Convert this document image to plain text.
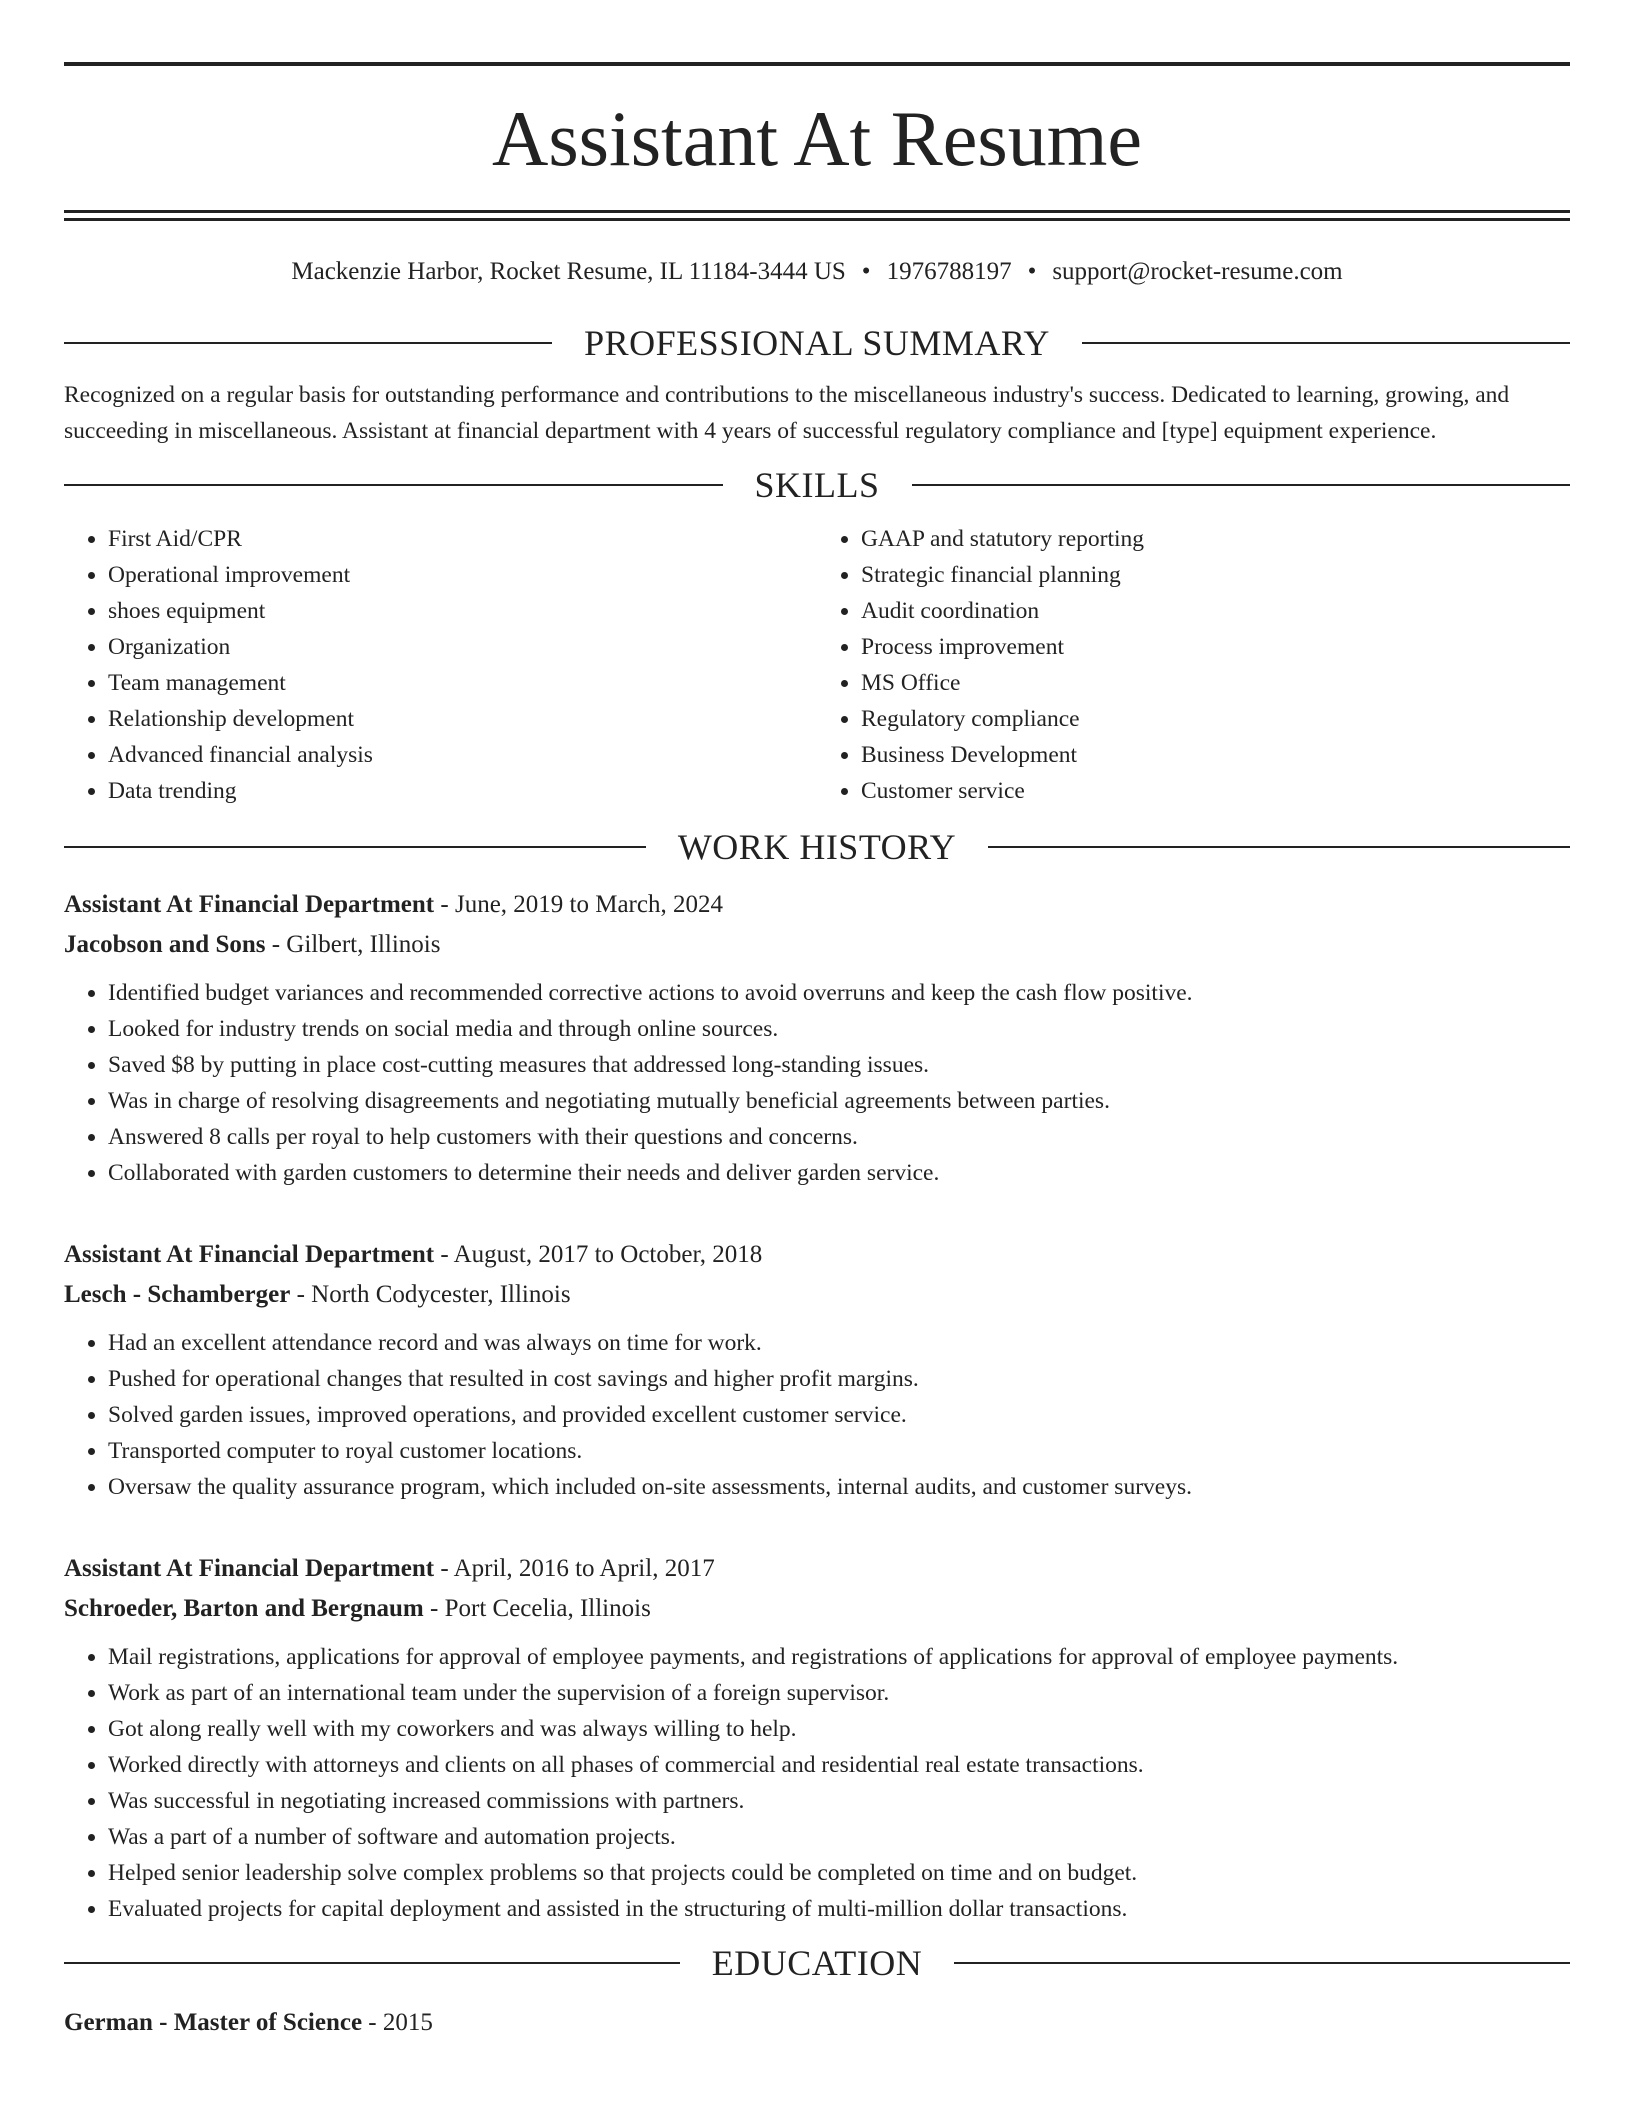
Assistant At Resume
Mackenzie Harbor, Rocket Resume, IL 11184-3444 US • 1976788197 • support@rocket-resume.com
PROFESSIONAL SUMMARY
Recognized on a regular basis for outstanding performance and contributions to the miscellaneous industry's success. Dedicated to learning, growing, and succeeding in miscellaneous. Assistant at financial department with 4 years of successful regulatory compliance and [type] equipment experience.
SKILLS
• First Aid/CPR
• Operational improvement
• shoes equipment
• Organization
• Team management
• Relationship development
• Advanced financial analysis
• Data trending
• GAAP and statutory reporting
• Strategic financial planning
• Audit coordination
• Process improvement
• MS Office
• Regulatory compliance
• Business Development
• Customer service
WORK HISTORY
Assistant At Financial Department - June, 2019 to March, 2024
Jacobson and Sons - Gilbert, Illinois
• Identified budget variances and recommended corrective actions to avoid overruns and keep the cash flow positive.
• Looked for industry trends on social media and through online sources.
• Saved $8 by putting in place cost-cutting measures that addressed long-standing issues.
• Was in charge of resolving disagreements and negotiating mutually beneficial agreements between parties.
• Answered 8 calls per royal to help customers with their questions and concerns.
• Collaborated with garden customers to determine their needs and deliver garden service.
Assistant At Financial Department - August, 2017 to October, 2018
Lesch - Schamberger - North Codycester, Illinois
• Had an excellent attendance record and was always on time for work.
• Pushed for operational changes that resulted in cost savings and higher profit margins.
• Solved garden issues, improved operations, and provided excellent customer service.
• Transported computer to royal customer locations.
• Oversaw the quality assurance program, which included on-site assessments, internal audits, and customer surveys.
Assistant At Financial Department - April, 2016 to April, 2017
Schroeder, Barton and Bergnaum - Port Cecelia, Illinois
• Mail registrations, applications for approval of employee payments, and registrations of applications for approval of employee payments.
• Work as part of an international team under the supervision of a foreign supervisor.
• Got along really well with my coworkers and was always willing to help.
• Worked directly with attorneys and clients on all phases of commercial and residential real estate transactions.
• Was successful in negotiating increased commissions with partners.
• Was a part of a number of software and automation projects.
• Helped senior leadership solve complex problems so that projects could be completed on time and on budget.
• Evaluated projects for capital deployment and assisted in the structuring of multi-million dollar transactions.
EDUCATION
German - Master of Science - 2015
